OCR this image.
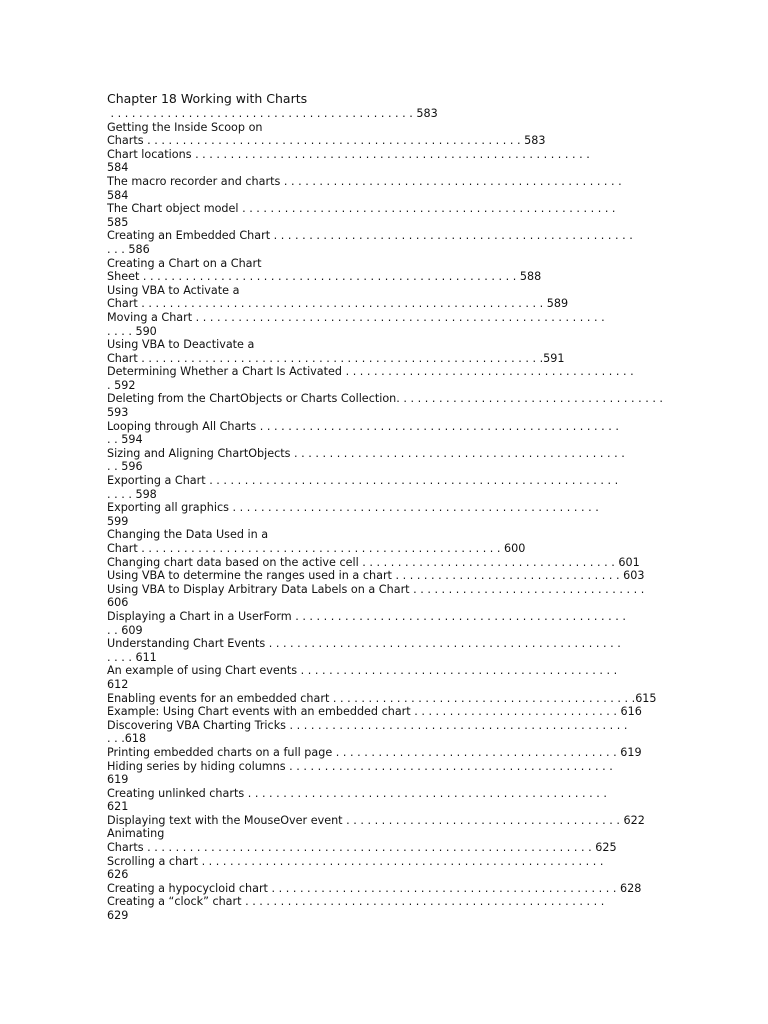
Chapter 18 Working with Charts
. . . . . . . . . . . . . . . . . . . . . . . . . . . . . . . . . . . . . . . . . . . 583
Getting the Inside Scoop on
Charts . . . . . . . . . . . . . . . . . . . . . . . . . . . . . . . . . . . . . . . . . . . . . . . . . . . . . 583
Chart locations . . . . . . . . . . . . . . . . . . . . . . . . . . . . . . . . . . . . . . . . . . . . . . . . . . . . . . . .
584
The macro recorder and charts . . . . . . . . . . . . . . . . . . . . . . . . . . . . . . . . . . . . . . . . . . . . . . . .
584
The Chart object model . . . . . . . . . . . . . . . . . . . . . . . . . . . . . . . . . . . . . . . . . . . . . . . . . . . . .
585
Creating an Embedded Chart . . . . . . . . . . . . . . . . . . . . . . . . . . . . . . . . . . . . . . . . . . . . . . . . . . .
. . . 586
Creating a Chart on a Chart
Sheet . . . . . . . . . . . . . . . . . . . . . . . . . . . . . . . . . . . . . . . . . . . . . . . . . . . . . 588
Using VBA to Activate a
Chart . . . . . . . . . . . . . . . . . . . . . . . . . . . . . . . . . . . . . . . . . . . . . . . . . . . . . . . . . 589
Moving a Chart . . . . . . . . . . . . . . . . . . . . . . . . . . . . . . . . . . . . . . . . . . . . . . . . . . . . . . . . . .
. . . . 590
Using VBA to Deactivate a
Chart . . . . . . . . . . . . . . . . . . . . . . . . . . . . . . . . . . . . . . . . . . . . . . . . . . . . . . . . .591
Determining Whether a Chart Is Activated . . . . . . . . . . . . . . . . . . . . . . . . . . . . . . . . . . . . . . . . .
. 592
Deleting from the ChartObjects or Charts Collection. . . . . . . . . . . . . . . . . . . . . . . . . . . . . . . . . . . . . .
593
Looping through All Charts . . . . . . . . . . . . . . . . . . . . . . . . . . . . . . . . . . . . . . . . . . . . . . . . . . .
. . 594
Sizing and Aligning ChartObjects . . . . . . . . . . . . . . . . . . . . . . . . . . . . . . . . . . . . . . . . . . . . . . .
. . 596
Exporting a Chart . . . . . . . . . . . . . . . . . . . . . . . . . . . . . . . . . . . . . . . . . . . . . . . . . . . . . . . . . .
. . . . 598
Exporting all graphics . . . . . . . . . . . . . . . . . . . . . . . . . . . . . . . . . . . . . . . . . . . . . . . . . . . .
599
Changing the Data Used in a
Chart . . . . . . . . . . . . . . . . . . . . . . . . . . . . . . . . . . . . . . . . . . . . . . . . . . . 600
Changing chart data based on the active cell . . . . . . . . . . . . . . . . . . . . . . . . . . . . . . . . . . . . 601
Using VBA to determine the ranges used in a chart . . . . . . . . . . . . . . . . . . . . . . . . . . . . . . . . 603
Using VBA to Display Arbitrary Data Labels on a Chart . . . . . . . . . . . . . . . . . . . . . . . . . . . . . . . . .
606
Displaying a Chart in a UserForm . . . . . . . . . . . . . . . . . . . . . . . . . . . . . . . . . . . . . . . . . . . . . . .
. . 609
Understanding Chart Events . . . . . . . . . . . . . . . . . . . . . . . . . . . . . . . . . . . . . . . . . . . . . . . . . .
. . . . 611
An example of using Chart events . . . . . . . . . . . . . . . . . . . . . . . . . . . . . . . . . . . . . . . . . . . . .
612
Enabling events for an embedded chart . . . . . . . . . . . . . . . . . . . . . . . . . . . . . . . . . . . . . . . . . . .615
Example: Using Chart events with an embedded chart . . . . . . . . . . . . . . . . . . . . . . . . . . . . . 616
Discovering VBA Charting Tricks . . . . . . . . . . . . . . . . . . . . . . . . . . . . . . . . . . . . . . . . . . . . . . . .
. . .618
Printing embedded charts on a full page . . . . . . . . . . . . . . . . . . . . . . . . . . . . . . . . . . . . . . . . 619
Hiding series by hiding columns . . . . . . . . . . . . . . . . . . . . . . . . . . . . . . . . . . . . . . . . . . . . . .
619
Creating unlinked charts . . . . . . . . . . . . . . . . . . . . . . . . . . . . . . . . . . . . . . . . . . . . . . . . . . .
621
Displaying text with the MouseOver event . . . . . . . . . . . . . . . . . . . . . . . . . . . . . . . . . . . . . . . 622
Animating
Charts . . . . . . . . . . . . . . . . . . . . . . . . . . . . . . . . . . . . . . . . . . . . . . . . . . . . . . . . . . . . . . . 625
Scrolling a chart . . . . . . . . . . . . . . . . . . . . . . . . . . . . . . . . . . . . . . . . . . . . . . . . . . . . . . . . .
626
Creating a hypocycloid chart . . . . . . . . . . . . . . . . . . . . . . . . . . . . . . . . . . . . . . . . . . . . . . . . . 628
Creating a “clock” chart . . . . . . . . . . . . . . . . . . . . . . . . . . . . . . . . . . . . . . . . . . . . . . . . . . .
629
